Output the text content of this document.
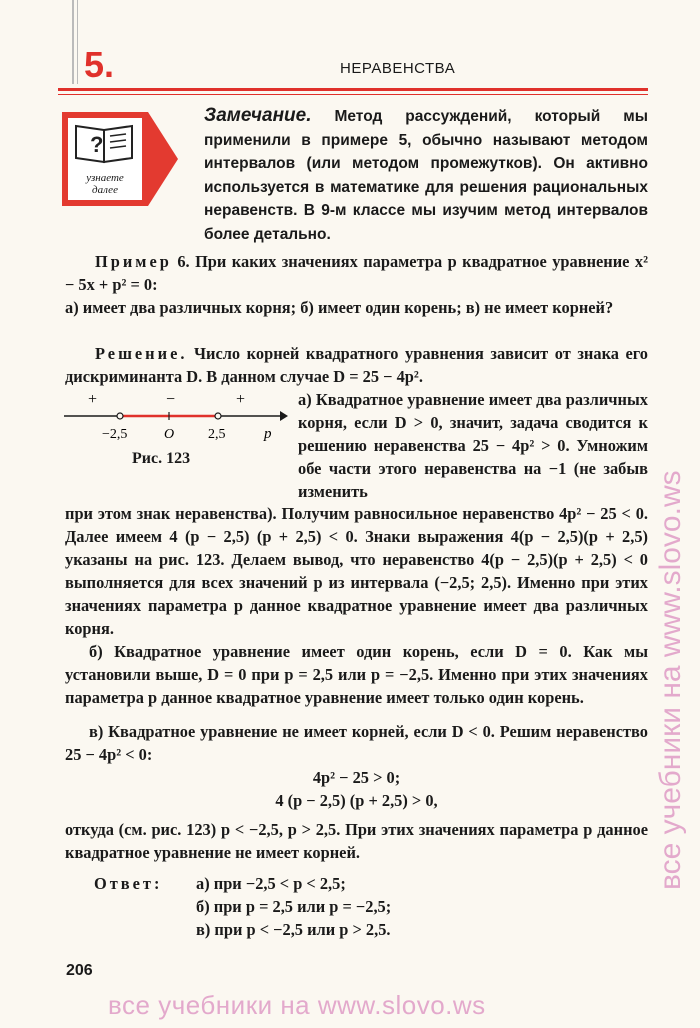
5.	НЕРАВЕНСТВА
?
узнаете
далее
Замечание. Метод рассуждений, который мы применили в примере 5, обычно называют методом интервалов (или методом промежутков). Он активно используется в математике для решения рациональных неравенств. В 9-м классе мы изучим метод интервалов более детально.
Пример 6. При каких значениях параметра p квадратное уравнение x² − 5x + p² = 0:
а) имеет два различных корня; б) имеет один корень; в) не имеет корней?
Решение. Число корней квадратного уравнения зависит от знака его дискриминанта D. В данном случае D = 25 − 4p².
+	−	+
−2,5	O 2,5	p
Рис. 123
а) Квадратное уравнение имеет два различных корня, если D > 0, значит, задача сводится к решению неравенства 25 − 4p² > 0. Умножим обе части этого неравенства на −1 (не забыв изменить
при этом знак неравенства). Получим равносильное неравенство 4p² − 25 < 0. Далее имеем 4 (p − 2,5) (p + 2,5) < 0. Знаки выражения 4(p − 2,5)(p + 2,5) указаны на рис. 123. Делаем вывод, что неравенство 4(p − 2,5)(p + 2,5) < 0 выполняется для всех значений p из интервала (−2,5; 2,5). Именно при этих значениях параметра p данное квадратное уравнение имеет два различных корня.
б) Квадратное уравнение имеет один корень, если D = 0. Как мы установили выше, D = 0 при p = 2,5 или p = −2,5. Именно при этих значениях параметра p данное квадратное уравнение имеет только один корень.
в) Квадратное уравнение не имеет корней, если D < 0. Решим неравенство 25 − 4p² < 0:
4p² − 25 > 0;
4 (p − 2,5) (p + 2,5) > 0,
откуда (см. рис. 123) p < −2,5, p > 2,5. При этих значениях параметра p данное квадратное уравнение не имеет корней.
Ответ:	а) при −2,5 < p < 2,5;
б) при p = 2,5 или p = −2,5;
в) при p < −2,5 или p > 2,5.
206
все учебники на www.slovo.ws
все учебники на www.slovo.ws
